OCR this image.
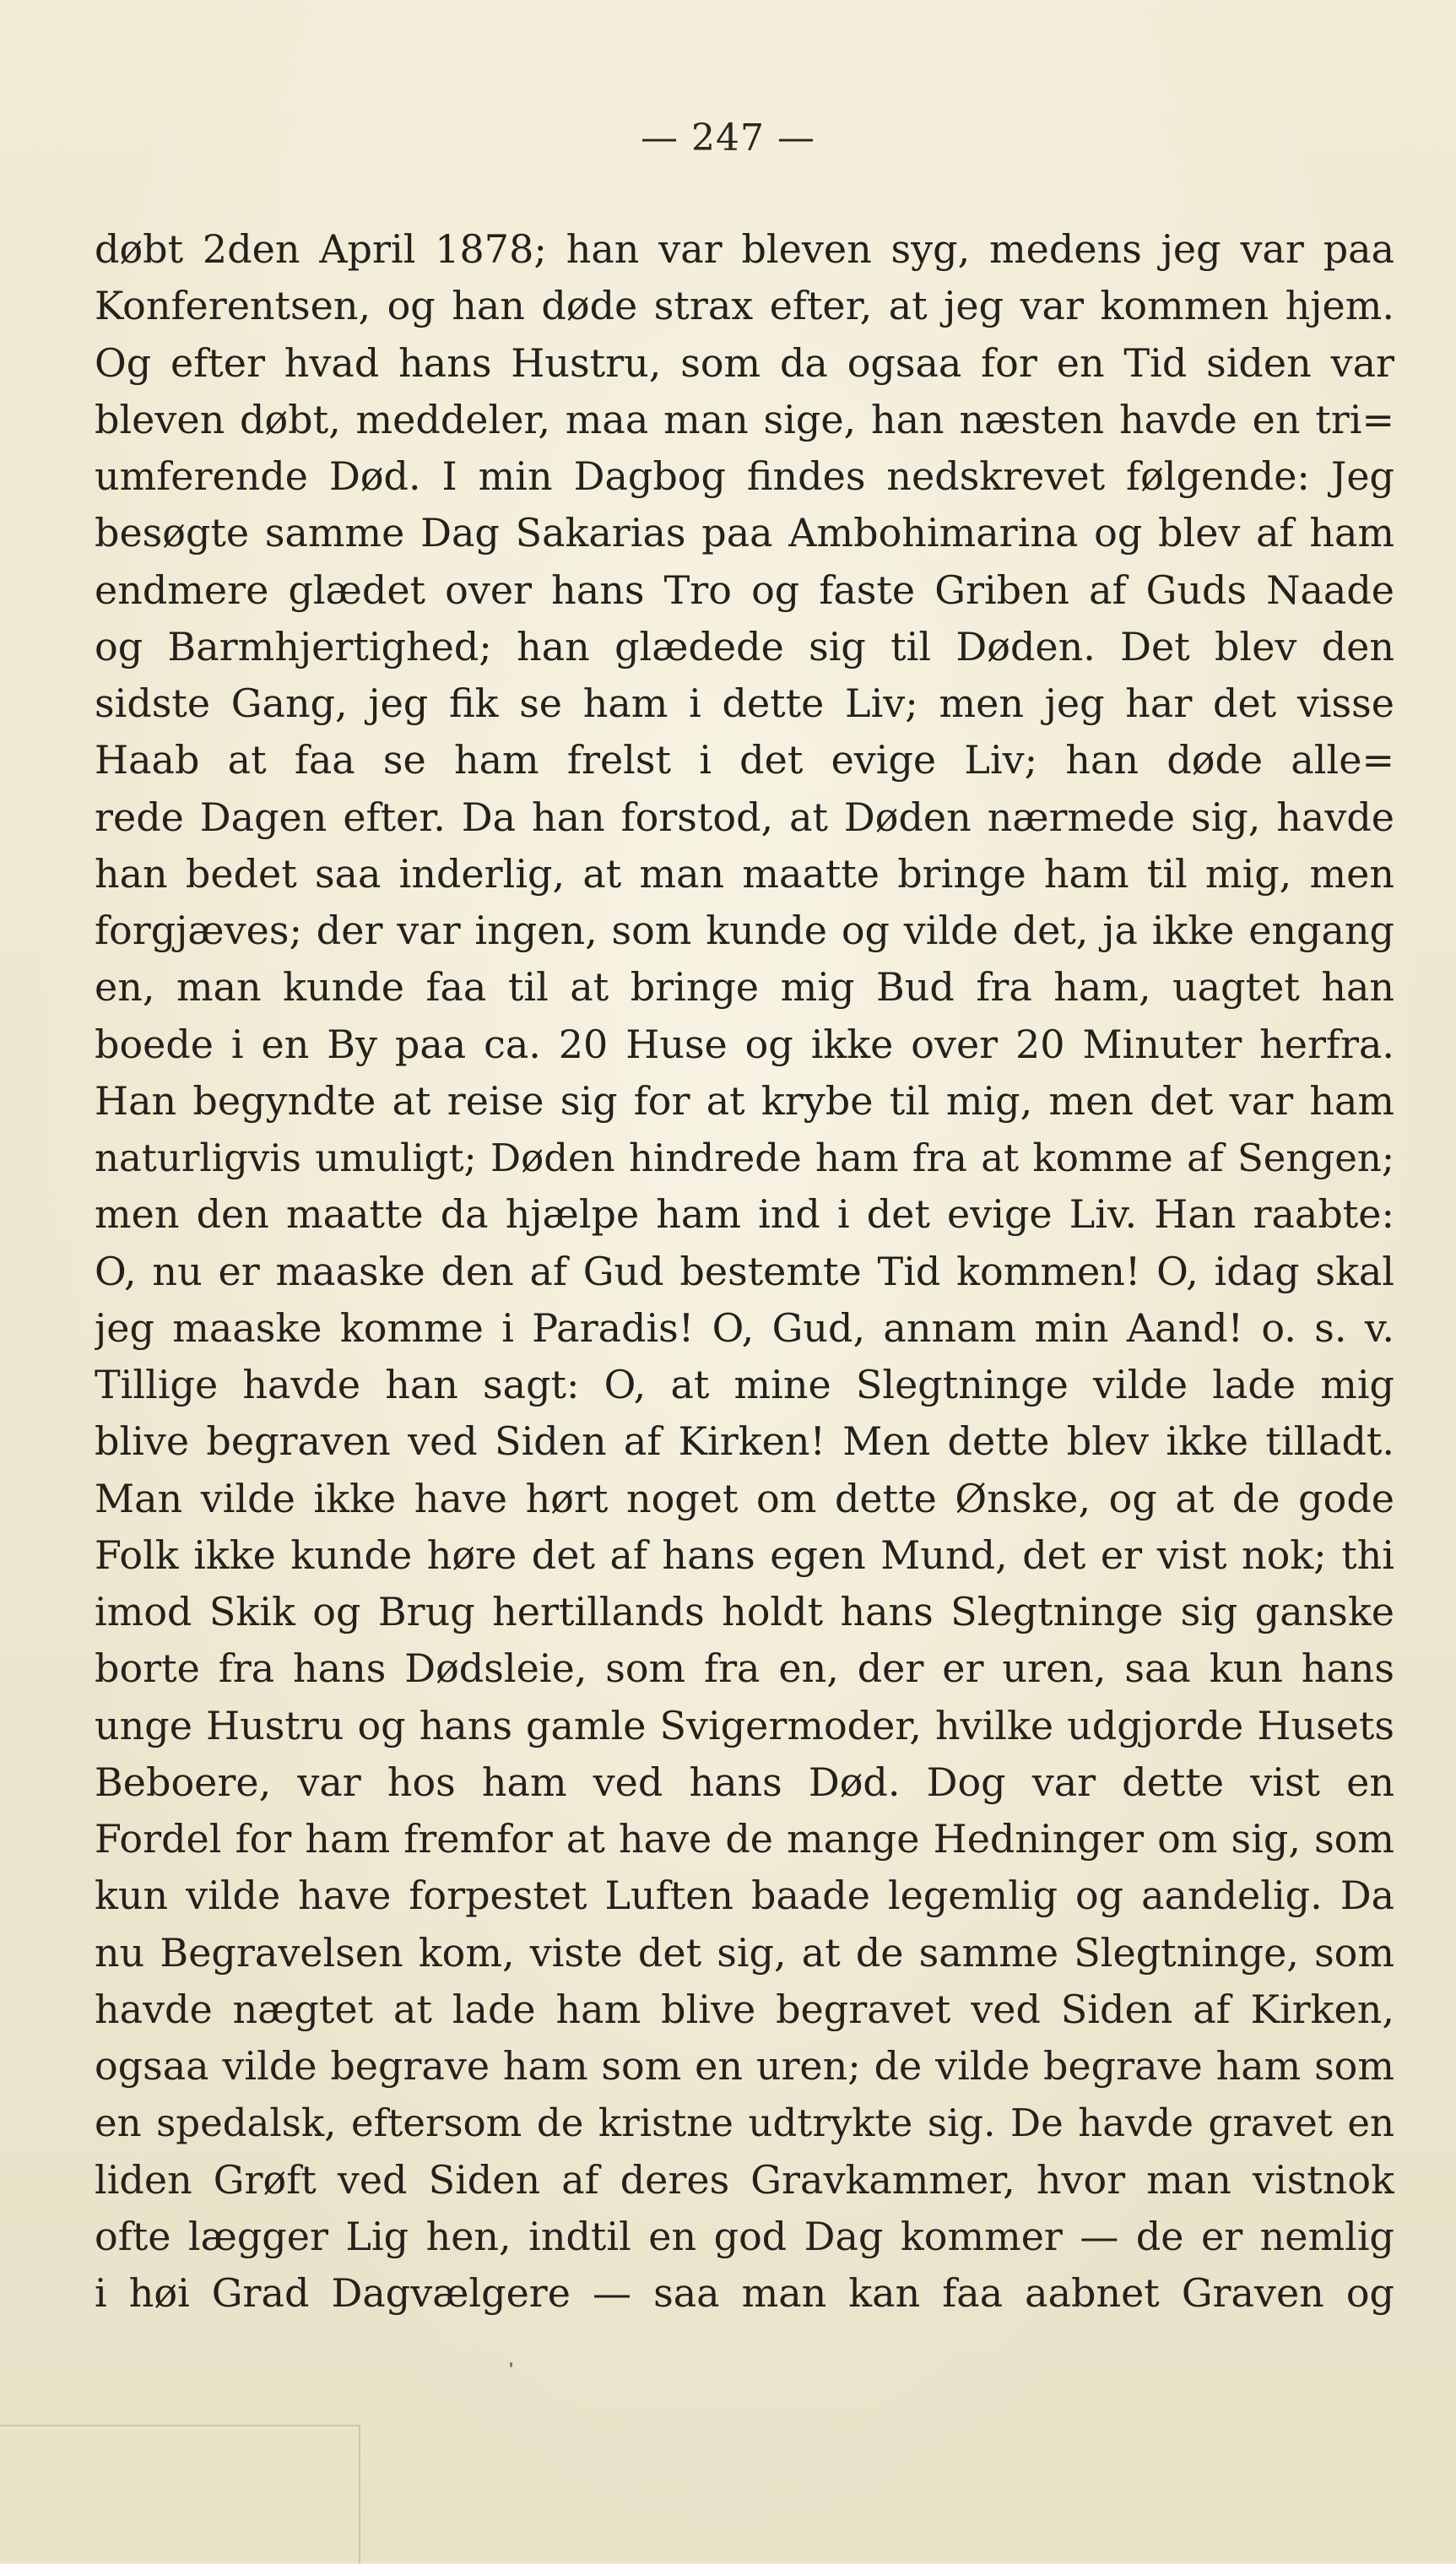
— 247 —
døbt 2den April 1878; han var bleven syg, medens jeg var paa
Konferentsen, og han døde strax efter, at jeg var kommen hjem.
Og efter hvad hans Hustru, som da ogsaa for en Tid siden var
bleven døbt, meddeler, maa man sige, han næsten havde en tri=
umferende Død. I min Dagbog findes nedskrevet følgende: Jeg
besøgte samme Dag Sakarias paa Ambohimarina og blev af ham
endmere glædet over hans Tro og faste Griben af Guds Naade
og Barmhjertighed; han glædede sig til Døden. Det blev den
sidste Gang, jeg fik se ham i dette Liv; men jeg har det visse
Haab at faa se ham frelst i det evige Liv; han døde alle=
rede Dagen efter. Da han forstod, at Døden nærmede sig, havde
han bedet saa inderlig, at man maatte bringe ham til mig, men
forgjæves; der var ingen, som kunde og vilde det, ja ikke engang
en, man kunde faa til at bringe mig Bud fra ham, uagtet han
boede i en By paa ca. 20 Huse og ikke over 20 Minuter herfra.
Han begyndte at reise sig for at krybe til mig, men det var ham
naturligvis umuligt; Døden hindrede ham fra at komme af Sengen;
men den maatte da hjælpe ham ind i det evige Liv. Han raabte:
O, nu er maaske den af Gud bestemte Tid kommen! O, idag skal
jeg maaske komme i Paradis! O, Gud, annam min Aand! o. s. v.
Tillige havde han sagt: O, at mine Slegtninge vilde lade mig
blive begraven ved Siden af Kirken! Men dette blev ikke tilladt.
Man vilde ikke have hørt noget om dette Ønske, og at de gode
Folk ikke kunde høre det af hans egen Mund, det er vist nok; thi
imod Skik og Brug hertillands holdt hans Slegtninge sig ganske
borte fra hans Dødsleie, som fra en, der er uren, saa kun hans
unge Hustru og hans gamle Svigermoder, hvilke udgjorde Husets
Beboere, var hos ham ved hans Død. Dog var dette vist en
Fordel for ham fremfor at have de mange Hedninger om sig, som
kun vilde have forpestet Luften baade legemlig og aandelig. Da
nu Begravelsen kom, viste det sig, at de samme Slegtninge, som
havde nægtet at lade ham blive begravet ved Siden af Kirken,
ogsaa vilde begrave ham som en uren; de vilde begrave ham som
en spedalsk, eftersom de kristne udtrykte sig. De havde gravet en
liden Grøft ved Siden af deres Gravkammer, hvor man vistnok
ofte lægger Lig hen, indtil en god Dag kommer — de er nemlig
i høi Grad Dagvælgere — saa man kan faa aabnet Graven og
